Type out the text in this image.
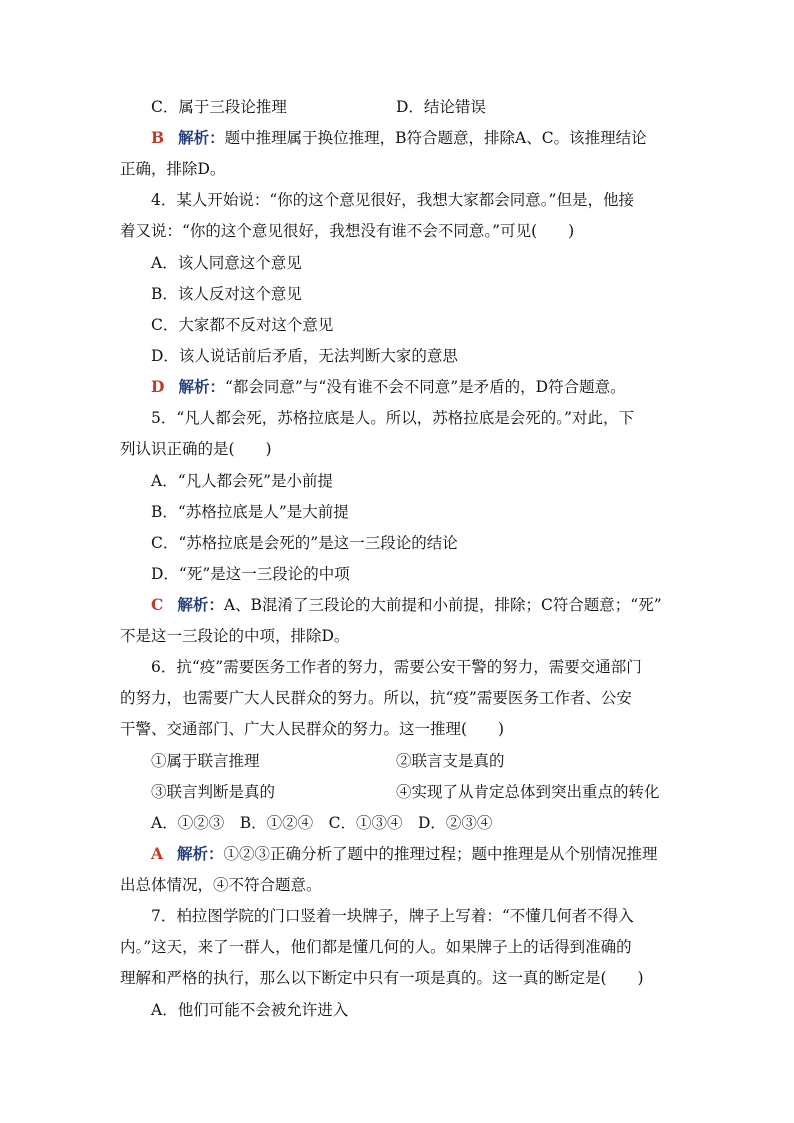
C．属于三段论推理	D．结论错误
B 解析：题中推理属于换位推理，B符合题意，排除A、C。该推理结论
正确，排除D。
4．某人开始说：“你的这个意见很好，我想大家都会同意。”但是，他接
着又说：“你的这个意见很好，我想没有谁不会不同意。”可见(　　)
A．该人同意这个意见
B．该人反对这个意见
C．大家都不反对这个意见
D．该人说话前后矛盾，无法判断大家的意思
D 解析：“都会同意”与“没有谁不会不同意”是矛盾的，D符合题意。
5．“凡人都会死，苏格拉底是人。所以，苏格拉底是会死的。”对此，下
列认识正确的是(　　)
A．“凡人都会死”是小前提
B．“苏格拉底是人”是大前提
C．“苏格拉底是会死的”是这一三段论的结论
D．“死”是这一三段论的中项
C 解析：A、B混淆了三段论的大前提和小前提，排除；C符合题意；“死”
不是这一三段论的中项，排除D。
6．抗“疫”需要医务工作者的努力，需要公安干警的努力，需要交通部门
的努力，也需要广大人民群众的努力。所以，抗“疫”需要医务工作者、公安
干警、交通部门、广大人民群众的努力。这一推理(　　)
①属于联言推理	②联言支是真的
③联言判断是真的	④实现了从肯定总体到突出重点的转化
A．①②③　B．①②④　C．①③④　D．②③④
A 解析：①②③正确分析了题中的推理过程；题中推理是从个别情况推理
出总体情况，④不符合题意。
7．柏拉图学院的门口竖着一块牌子，牌子上写着：“不懂几何者不得入
内。”这天，来了一群人，他们都是懂几何的人。如果牌子上的话得到准确的
理解和严格的执行，那么以下断定中只有一项是真的。这一真的断定是(　　)
A．他们可能不会被允许进入
